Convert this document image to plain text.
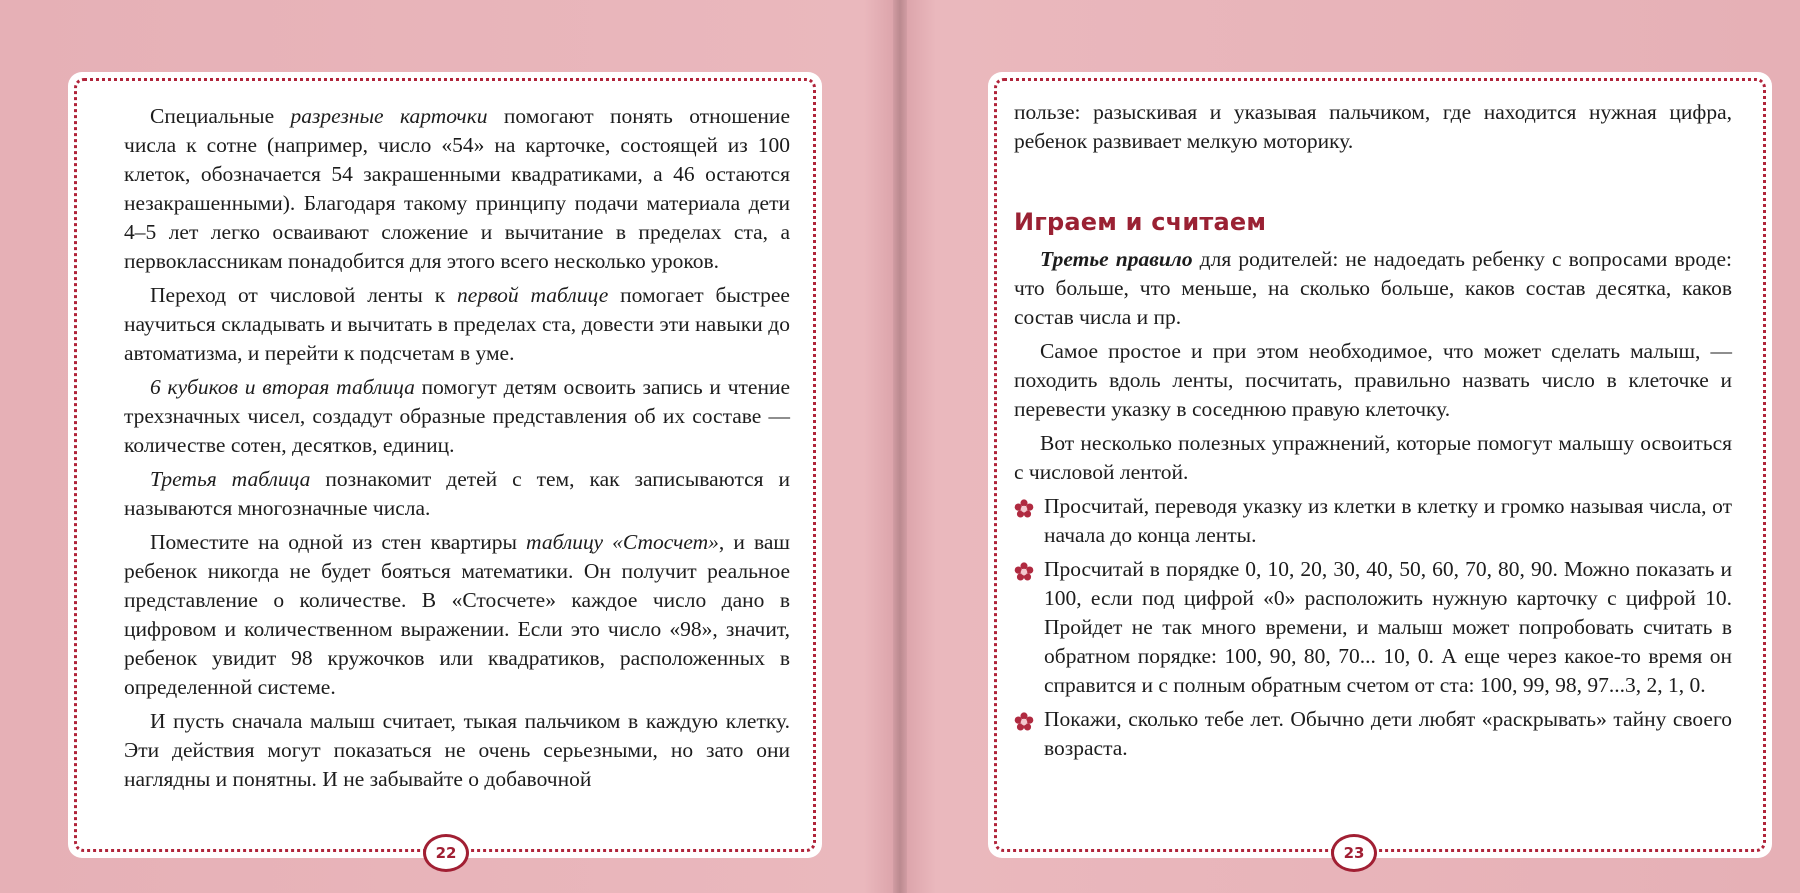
Специальные разрезные карточки помогают понять отношение числа к сотне (например, число «54» на карточке, состоящей из 100 клеток, обозначается 54 закрашенными квадратиками, а 46 остаются незакрашенными). Благодаря такому принципу подачи материала дети 4–5 лет легко осваивают сложение и вычитание в пределах ста, а первоклассникам понадобится для этого всего несколько уроков.

Переход от числовой ленты к первой таблице помогает быстрее научиться складывать и вычитать в пределах ста, довести эти навыки до автоматизма, и перейти к подсчетам в уме.

6 кубиков и вторая таблица помогут детям освоить запись и чтение трехзначных чисел, создадут образные представления об их составе — количестве сотен, десятков, единиц.

Третья таблица познакомит детей с тем, как записываются и называются многозначные числа.

Поместите на одной из стен квартиры таблицу «Стосчет», и ваш ребенок никогда не будет бояться математики. Он получит реальное представление о количестве. В «Стосчете» каждое число дано в цифровом и количественном выражении. Если это число «98», значит, ребенок увидит 98 кружочков или квадратиков, расположенных в определенной системе.

И пусть сначала малыш считает, тыкая пальчиком в каждую клетку. Эти действия могут показаться не очень серьезными, но зато они наглядны и понятны. И не забывайте о добавочной

22

пользе: разыскивая и указывая пальчиком, где находится нужная цифра, ребенок развивает мелкую моторику.

Играем и считаем

Третье правило для родителей: не надоедать ребенку с вопросами вроде: что больше, что меньше, на сколько больше, каков состав десятка, каков состав числа и пр.

Самое простое и при этом необходимое, что может сделать малыш, — походить вдоль ленты, посчитать, правильно назвать число в клеточке и перевести указку в соседнюю правую клеточку.

Вот несколько полезных упражнений, которые помогут малышу освоиться с числовой лентой.

Просчитай, переводя указку из клетки в клетку и громко называя числа, от начала до конца ленты.
Просчитай в порядке 0, 10, 20, 30, 40, 50, 60, 70, 80, 90. Можно показать и 100, если под цифрой «0» расположить нужную карточку с цифрой 10. Пройдет не так много времени, и малыш может попробовать считать в обратном порядке: 100, 90, 80, 70... 10, 0. А еще через какое-то время он справится и с полным обратным счетом от ста: 100, 99, 98, 97...3, 2, 1, 0.
Покажи, сколько тебе лет. Обычно дети любят «раскрывать» тайну своего возраста.
23
